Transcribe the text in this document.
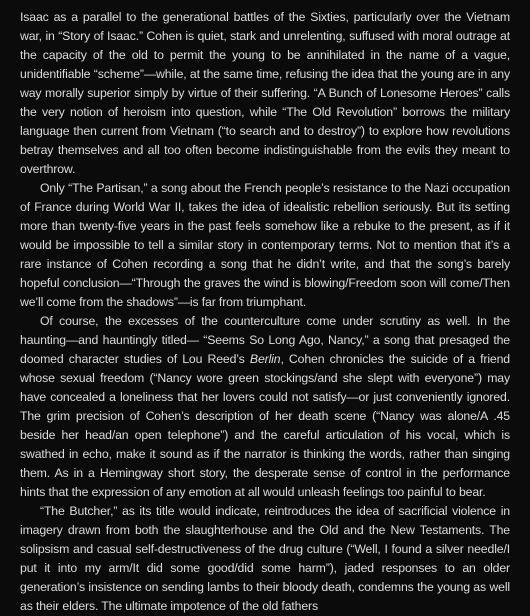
Isaac as a parallel to the generational battles of the Sixties, particularly over the Vietnam war, in “Story of Isaac.” Cohen is quiet, stark and unrelenting, suffused with moral outrage at the capacity of the old to permit the young to be annihilated in the name of a vague, unidentifiable “scheme”—while, at the same time, refusing the idea that the young are in any way morally superior simply by virtue of their suffering. “A Bunch of Lonesome Heroes” calls the very notion of heroism into question, while “The Old Revolution” borrows the military language then current from Vietnam (“to search and to destroy”) to explore how revolutions betray themselves and all too often become indistinguishable from the evils they meant to overthrow.

Only “The Partisan,” a song about the French people’s resistance to the Nazi occupation of France during World War II, takes the idea of idealistic rebellion seriously. But its setting more than twenty-five years in the past feels somehow like a rebuke to the present, as if it would be impossible to tell a similar story in contemporary terms. Not to mention that it’s a rare instance of Cohen recording a song that he didn’t write, and that the song’s barely hopeful conclusion—“Through the graves the wind is blowing/Freedom soon will come/Then we’ll come from the shadows”—is far from triumphant.

Of course, the excesses of the counterculture come under scrutiny as well. In the haunting—and hauntingly titled— “Seems So Long Ago, Nancy,” a song that presaged the doomed character studies of Lou Reed’s Berlin, Cohen chronicles the suicide of a friend whose sexual freedom (“Nancy wore green stockings/and she slept with everyone”) may have concealed a loneliness that her lovers could not satisfy—or just conveniently ignored. The grim precision of Cohen’s description of her death scene (“Nancy was alone/A .45 beside her head/an open telephone”) and the careful articulation of his vocal, which is swathed in echo, make it sound as if the narrator is thinking the words, rather than singing them. As in a Hemingway short story, the desperate sense of control in the performance hints that the expression of any emotion at all would unleash feelings too painful to bear.

“The Butcher,” as its title would indicate, reintroduces the idea of sacrificial violence in imagery drawn from both the slaughterhouse and the Old and the New Testaments. The solipsism and casual self-destructiveness of the drug culture (“Well, I found a silver needle/I put it into my arm/It did some good/did some harm”), jaded responses to an older generation’s insistence on sending lambs to their bloody death, condemns the young as well as their elders. The ultimate impotence of the old fathers
